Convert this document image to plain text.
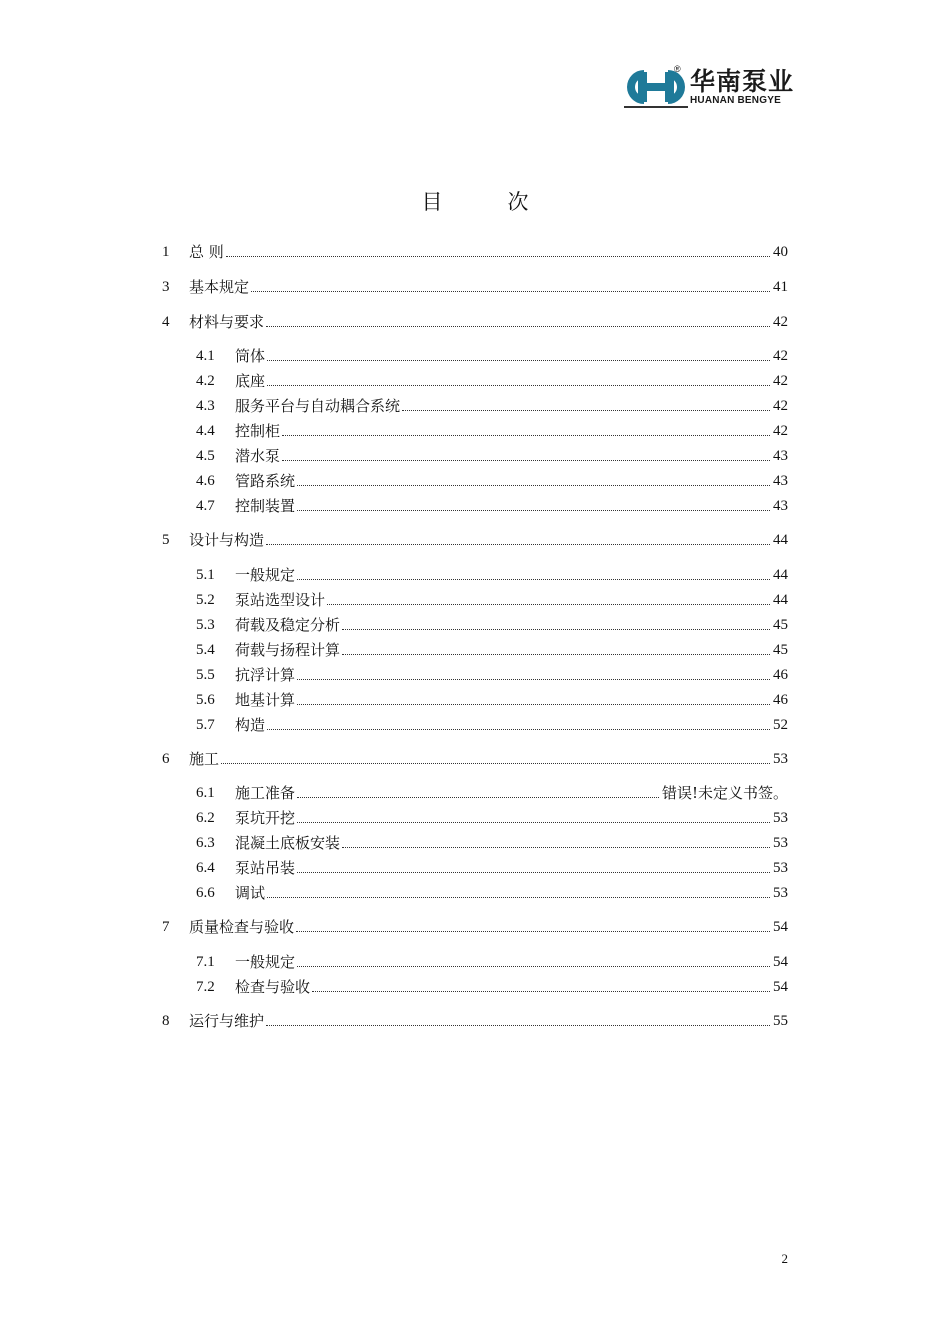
® 华南泵业
HUANAN BENGYE
目　次
1	总 则	40
3	基本规定	41
4	材料与要求	42
4.1	筒体	42
4.2	底座	42
4.3	服务平台与自动耦合系统	42
4.4	控制柜	42
4.5	潜水泵	43
4.6	管路系统	43
4.7	控制装置	43
5	设计与构造	44
5.1	一般规定	44
5.2	泵站选型设计	44
5.3	荷载及稳定分析	45
5.4	荷载与扬程计算	45
5.5	抗浮计算	46
5.6	地基计算	46
5.7	构造	52
6	施工	53
6.1	施工准备	错误!未定义书签。
6.2	泵坑开挖	53
6.3	混凝土底板安装	53
6.4	泵站吊装	53
6.6	调试	53
7	质量检查与验收	54
7.1	一般规定	54
7.2	检查与验收	54
8	运行与维护	55
2
